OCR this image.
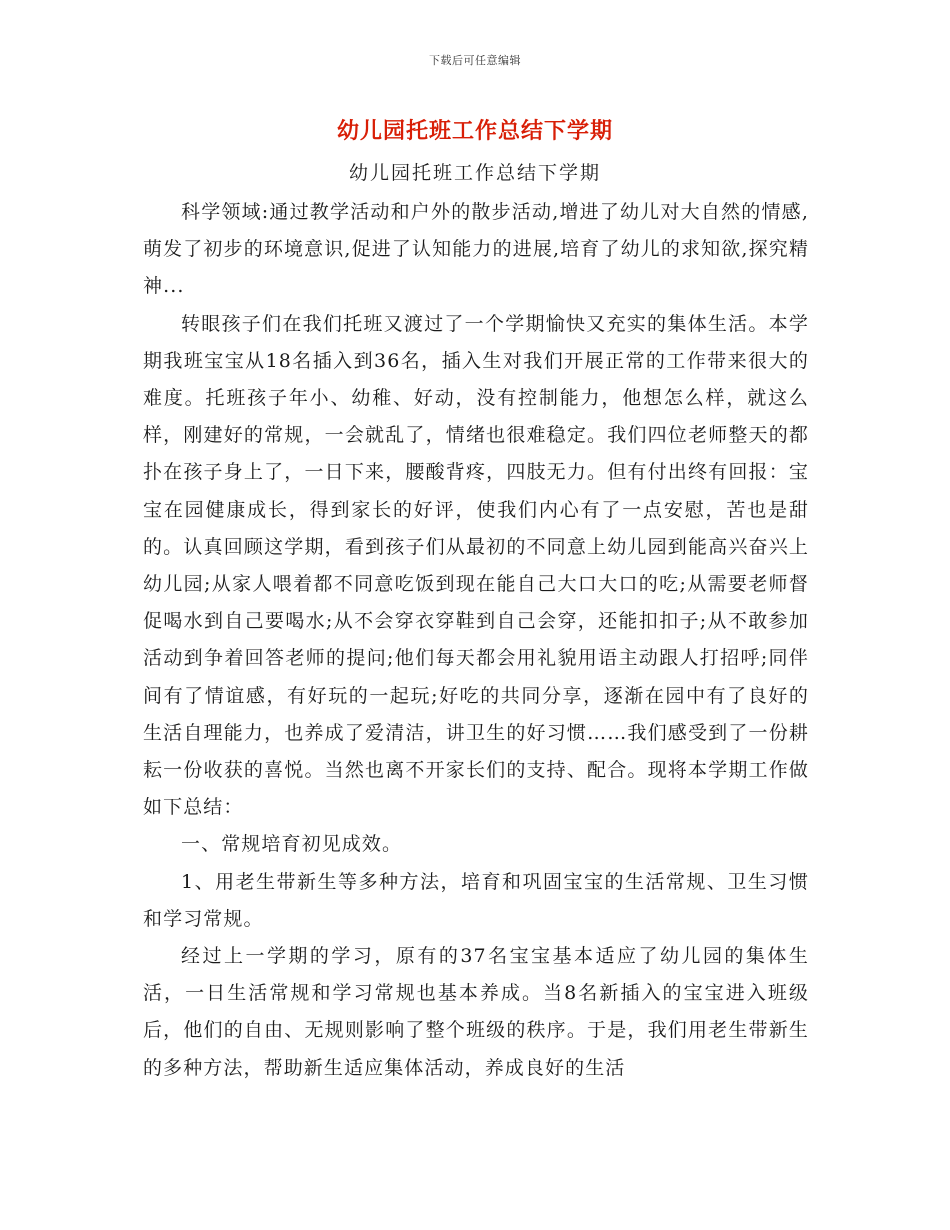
下载后可任意编辑
幼儿园托班工作总结下学期
幼儿园托班工作总结下学期

科学领域:通过教学活动和户外的散步活动,增进了幼儿对大自然的情感,萌发了初步的环境意识,促进了认知能力的进展,培育了幼儿的求知欲,探究精神...

转眼孩子们在我们托班又渡过了一个学期愉快又充实的集体生活。本学期我班宝宝从18名插入到36名，插入生对我们开展正常的工作带来很大的难度。托班孩子年小、幼稚、好动，没有控制能力，他想怎么样，就这么样，刚建好的常规，一会就乱了，情绪也很难稳定。我们四位老师整天的都扑在孩子身上了，一日下来，腰酸背疼，四肢无力。但有付出终有回报：宝宝在园健康成长，得到家长的好评，使我们内心有了一点安慰，苦也是甜的。认真回顾这学期，看到孩子们从最初的不同意上幼儿园到能高兴奋兴上幼儿园;从家人喂着都不同意吃饭到现在能自己大口大口的吃;从需要老师督促喝水到自己要喝水;从不会穿衣穿鞋到自己会穿，还能扣扣子;从不敢参加活动到争着回答老师的提问;他们每天都会用礼貌用语主动跟人打招呼;同伴间有了情谊感，有好玩的一起玩;好吃的共同分享，逐渐在园中有了良好的生活自理能力，也养成了爱清洁，讲卫生的好习惯……我们感受到了一份耕耘一份收获的喜悦。当然也离不开家长们的支持、配合。现将本学期工作做如下总结：

一、常规培育初见成效。

1、用老生带新生等多种方法，培育和巩固宝宝的生活常规、卫生习惯和学习常规。

经过上一学期的学习，原有的37名宝宝基本适应了幼儿园的集体生活，一日生活常规和学习常规也基本养成。当8名新插入的宝宝进入班级后，他们的自由、无规则影响了整个班级的秩序。于是，我们用老生带新生的多种方法，帮助新生适应集体活动，养成良好的生活
